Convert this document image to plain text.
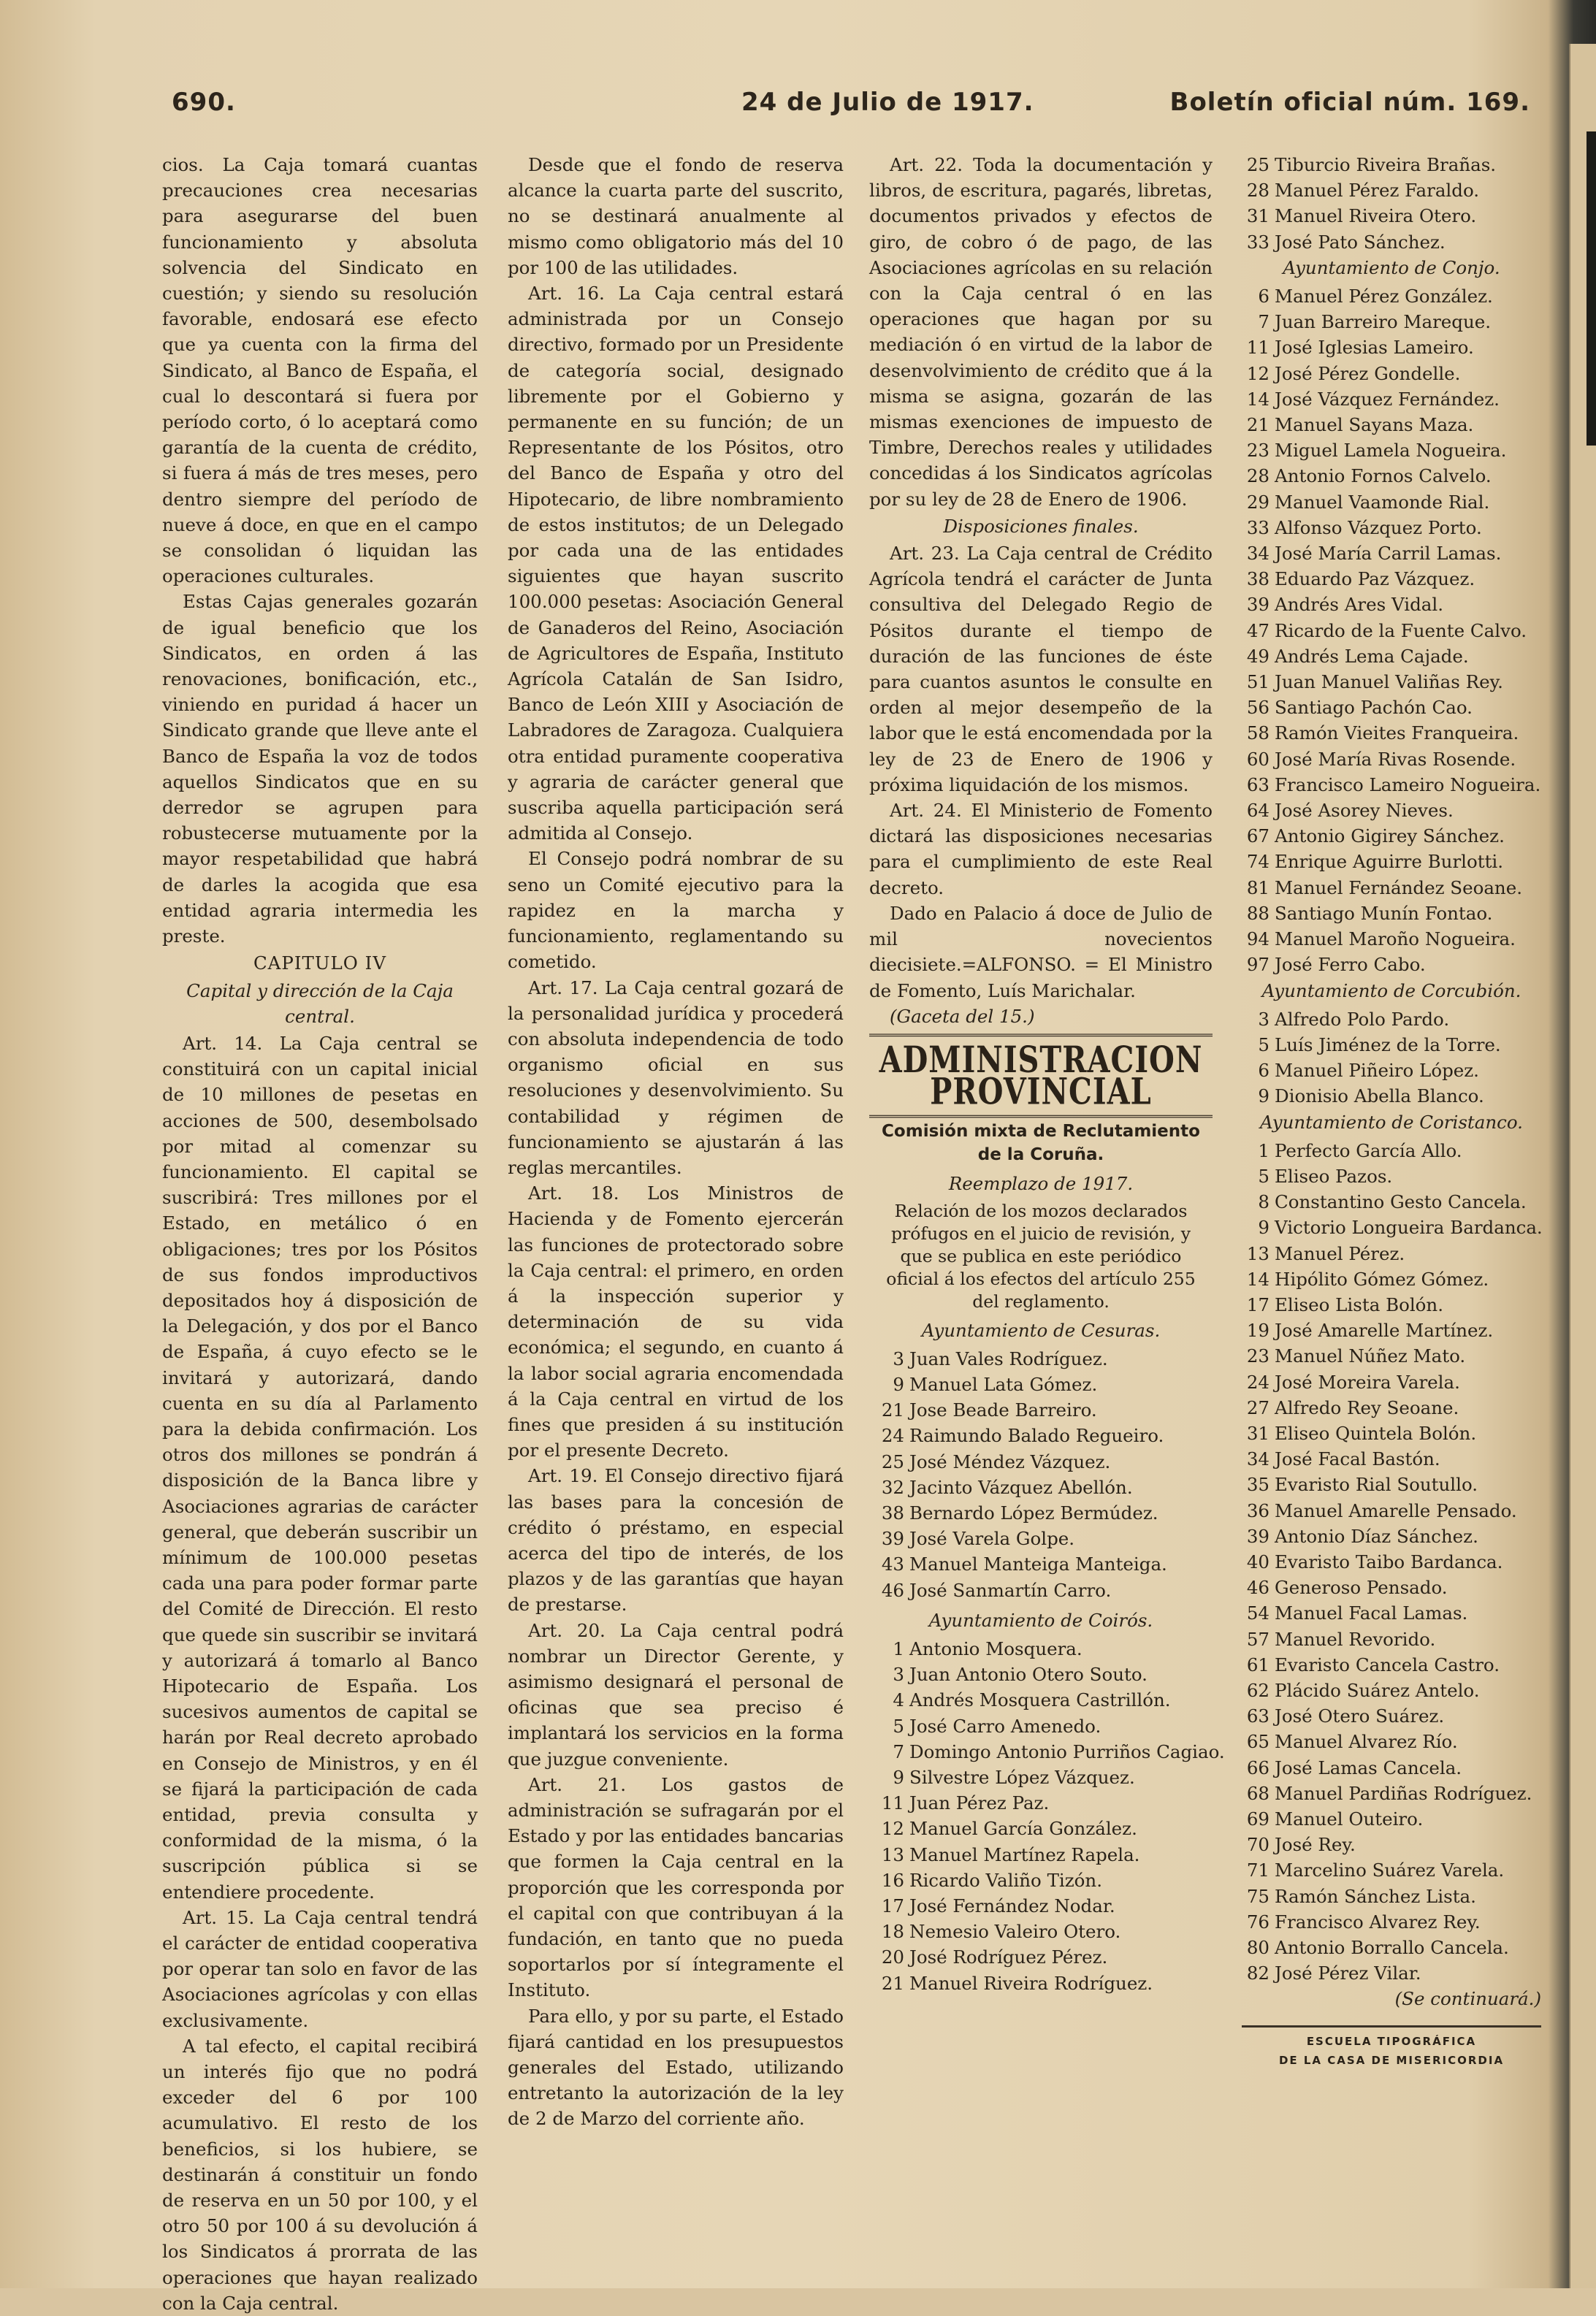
690.	24 de Julio de 1917.	Boletín oficial núm. 169.

cios. La Caja tomará cuantas precauciones crea necesarias para asegurarse del buen funcionamiento y absoluta solvencia del Sindicato en cuestión; y siendo su resolución favorable, endosará ese efecto que ya cuenta con la firma del Sindicato, al Banco de España, el cual lo descontará si fuera por período corto, ó lo aceptará como garantía de la cuenta de crédito, si fuera á más de tres meses, pero dentro siempre del período de nueve á doce, en que en el campo se consolidan ó liquidan las operaciones culturales.

Estas Cajas generales gozarán de igual beneficio que los Sindicatos, en orden á las renovaciones, bonificación, etc., viniendo en puridad á hacer un Sindicato grande que lleve ante el Banco de España la voz de todos aquellos Sindicatos que en su derredor se agrupen para robustecerse mutuamente por la mayor respetabilidad que habrá de darles la acogida que esa entidad agraria intermedia les preste.

CAPITULO IV
Capital y dirección de la Caja central.

Art. 14. La Caja central se constituirá con un capital inicial de 10 millones de pesetas en acciones de 500, desembolsado por mitad al comenzar su funcionamiento. El capital se suscribirá: Tres millones por el Estado, en metálico ó en obligaciones; tres por los Pósitos de sus fondos improductivos depositados hoy á disposición de la Delegación, y dos por el Banco de España, á cuyo efecto se le invitará y autorizará, dando cuenta en su día al Parlamento para la debida confirmación. Los otros dos millones se pondrán á disposición de la Banca libre y Asociaciones agrarias de carácter general, que deberán suscribir un mínimum de 100.000 pesetas cada una para poder formar parte del Comité de Dirección. El resto que quede sin suscribir se invitará y autorizará á tomarlo al Banco Hipotecario de España. Los sucesivos aumentos de capital se harán por Real decreto aprobado en Consejo de Ministros, y en él se fijará la participación de cada entidad, previa consulta y conformidad de la misma, ó la suscripción pública si se entendiere procedente.

Art. 15. La Caja central tendrá el carácter de entidad cooperativa por operar tan solo en favor de las Asociaciones agrícolas y con ellas exclusivamente.

A tal efecto, el capital recibirá un interés fijo que no podrá exceder del 6 por 100 acumulativo. El resto de los beneficios, si los hubiere, se destinarán á constituir un fondo de reserva en un 50 por 100, y el otro 50 por 100 á su devolución á los Sindicatos á prorrata de las operaciones que hayan realizado con la Caja central.

Desde que el fondo de reserva alcance la cuarta parte del suscrito, no se destinará anualmente al mismo como obligatorio más del 10 por 100 de las utilidades.

Art. 16. La Caja central estará administrada por un Consejo directivo, formado por un Presidente de categoría social, designado libremente por el Gobierno y permanente en su función; de un Representante de los Pósitos, otro del Banco de España y otro del Hipotecario, de libre nombramiento de estos institutos; de un Delegado por cada una de las entidades siguientes que hayan suscrito 100.000 pesetas: Asociación General de Ganaderos del Reino, Asociación de Agricultores de España, Instituto Agrícola Catalán de San Isidro, Banco de León XIII y Asociación de Labradores de Zaragoza. Cualquiera otra entidad puramente cooperativa y agraria de carácter general que suscriba aquella participación será admitida al Consejo.

El Consejo podrá nombrar de su seno un Comité ejecutivo para la rapidez en la marcha y funcionamiento, reglamentando su cometido.

Art. 17. La Caja central gozará de la personalidad jurídica y procederá con absoluta independencia de todo organismo oficial en sus resoluciones y desenvolvimiento. Su contabilidad y régimen de funcionamiento se ajustarán á las reglas mercantiles.

Art. 18. Los Ministros de Hacienda y de Fomento ejercerán las funciones de protectorado sobre la Caja central: el primero, en orden á la inspección superior y determinación de su vida económica; el segundo, en cuanto á la labor social agraria encomendada á la Caja central en virtud de los fines que presiden á su institución por el presente Decreto.

Art. 19. El Consejo directivo fijará las bases para la concesión de crédito ó préstamo, en especial acerca del tipo de interés, de los plazos y de las garantías que hayan de prestarse.

Art. 20. La Caja central podrá nombrar un Director Gerente, y asimismo designará el personal de oficinas que sea preciso é implantará los servicios en la forma que juzgue conveniente.

Art. 21. Los gastos de administración se sufragarán por el Estado y por las entidades bancarias que formen la Caja central en la proporción que les corresponda por el capital con que contribuyan á la fundación, en tanto que no pueda soportarlos por sí íntegramente el Instituto.

Para ello, y por su parte, el Estado fijará cantidad en los presupuestos generales del Estado, utilizando entretanto la autorización de la ley de 2 de Marzo del corriente año.

Art. 22. Toda la documentación y libros, de escritura, pagarés, libretas, documentos privados y efectos de giro, de cobro ó de pago, de las Asociaciones agrícolas en su relación con la Caja central ó en las operaciones que hagan por su mediación ó en virtud de la labor de desenvolvimiento de crédito que á la misma se asigna, gozarán de las mismas exenciones de impuesto de Timbre, Derechos reales y utilidades concedidas á los Sindicatos agrícolas por su ley de 28 de Enero de 1906.

Disposiciones finales.

Art. 23. La Caja central de Crédito Agrícola tendrá el carácter de Junta consultiva del Delegado Regio de Pósitos durante el tiempo de duración de las funciones de éste para cuantos asuntos le consulte en orden al mejor desempeño de la labor que le está encomendada por la ley de 23 de Enero de 1906 y próxima liquidación de los mismos.

Art. 24. El Ministerio de Fomento dictará las disposiciones necesarias para el cumplimiento de este Real decreto.

Dado en Palacio á doce de Julio de mil novecientos diecisiete.=ALFONSO. = El Ministro de Fomento, Luís Marichalar.

(Gaceta del 15.)

ADMINISTRACION PROVINCIAL
Comisión mixta de Reclutamiento de la Coruña.
Reemplazo de 1917.
Relación de los mozos declarados prófugos en el juicio de revisión, y que se publica en este periódico oficial á los efectos del artículo 255 del reglamento.
Ayuntamiento de Cesuras.
3 Juan Vales Rodríguez.
9 Manuel Lata Gómez.
21 Jose Beade Barreiro.
24 Raimundo Balado Regueiro.
25 José Méndez Vázquez.
32 Jacinto Vázquez Abellón.
38 Bernardo López Bermúdez.
39 José Varela Golpe.
43 Manuel Manteiga Manteiga.
46 José Sanmartín Carro.
Ayuntamiento de Coirós.
1 Antonio Mosquera.
3 Juan Antonio Otero Souto.
4 Andrés Mosquera Castrillón.
5 José Carro Amenedo.
7 Domingo Antonio Purriños Cagiao.
9 Silvestre López Vázquez.
11 Juan Pérez Paz.
12 Manuel García González.
13 Manuel Martínez Rapela.
16 Ricardo Valiño Tizón.
17 José Fernández Nodar.
18 Nemesio Valeiro Otero.
20 José Rodríguez Pérez.
21 Manuel Riveira Rodríguez.
25 Tiburcio Riveira Brañas.
28 Manuel Pérez Faraldo.
31 Manuel Riveira Otero.
33 José Pato Sánchez.
Ayuntamiento de Conjo.
6 Manuel Pérez González.
7 Juan Barreiro Mareque.
11 José Iglesias Lameiro.
12 José Pérez Gondelle.
14 José Vázquez Fernández.
21 Manuel Sayans Maza.
23 Miguel Lamela Nogueira.
28 Antonio Fornos Calvelo.
29 Manuel Vaamonde Rial.
33 Alfonso Vázquez Porto.
34 José María Carril Lamas.
38 Eduardo Paz Vázquez.
39 Andrés Ares Vidal.
47 Ricardo de la Fuente Calvo.
49 Andrés Lema Cajade.
51 Juan Manuel Valiñas Rey.
56 Santiago Pachón Cao.
58 Ramón Vieites Franqueira.
60 José María Rivas Rosende.
63 Francisco Lameiro Nogueira.
64 José Asorey Nieves.
67 Antonio Gigirey Sánchez.
74 Enrique Aguirre Burlotti.
81 Manuel Fernández Seoane.
88 Santiago Munín Fontao.
94 Manuel Maroño Nogueira.
97 José Ferro Cabo.
Ayuntamiento de Corcubión.
3 Alfredo Polo Pardo.
5 Luís Jiménez de la Torre.
6 Manuel Piñeiro López.
9 Dionisio Abella Blanco.
Ayuntamiento de Coristanco.
1 Perfecto García Allo.
5 Eliseo Pazos.
8 Constantino Gesto Cancela.
9 Victorio Longueira Bardanca.
13 Manuel Pérez.
14 Hipólito Gómez Gómez.
17 Eliseo Lista Bolón.
19 José Amarelle Martínez.
23 Manuel Núñez Mato.
24 José Moreira Varela.
27 Alfredo Rey Seoane.
31 Eliseo Quintela Bolón.
34 José Facal Bastón.
35 Evaristo Rial Soutullo.
36 Manuel Amarelle Pensado.
39 Antonio Díaz Sánchez.
40 Evaristo Taibo Bardanca.
46 Generoso Pensado.
54 Manuel Facal Lamas.
57 Manuel Revorido.
61 Evaristo Cancela Castro.
62 Plácido Suárez Antelo.
63 José Otero Suárez.
65 Manuel Alvarez Río.
66 José Lamas Cancela.
68 Manuel Pardiñas Rodríguez.
69 Manuel Outeiro.
70 José Rey.
71 Marcelino Suárez Varela.
75 Ramón Sánchez Lista.
76 Francisco Alvarez Rey.
80 Antonio Borrallo Cancela.
82 José Pérez Vilar.
(Se continuará.)
ESCUELA TIPOGRÁFICA
DE LA CASA DE MISERICORDIA
